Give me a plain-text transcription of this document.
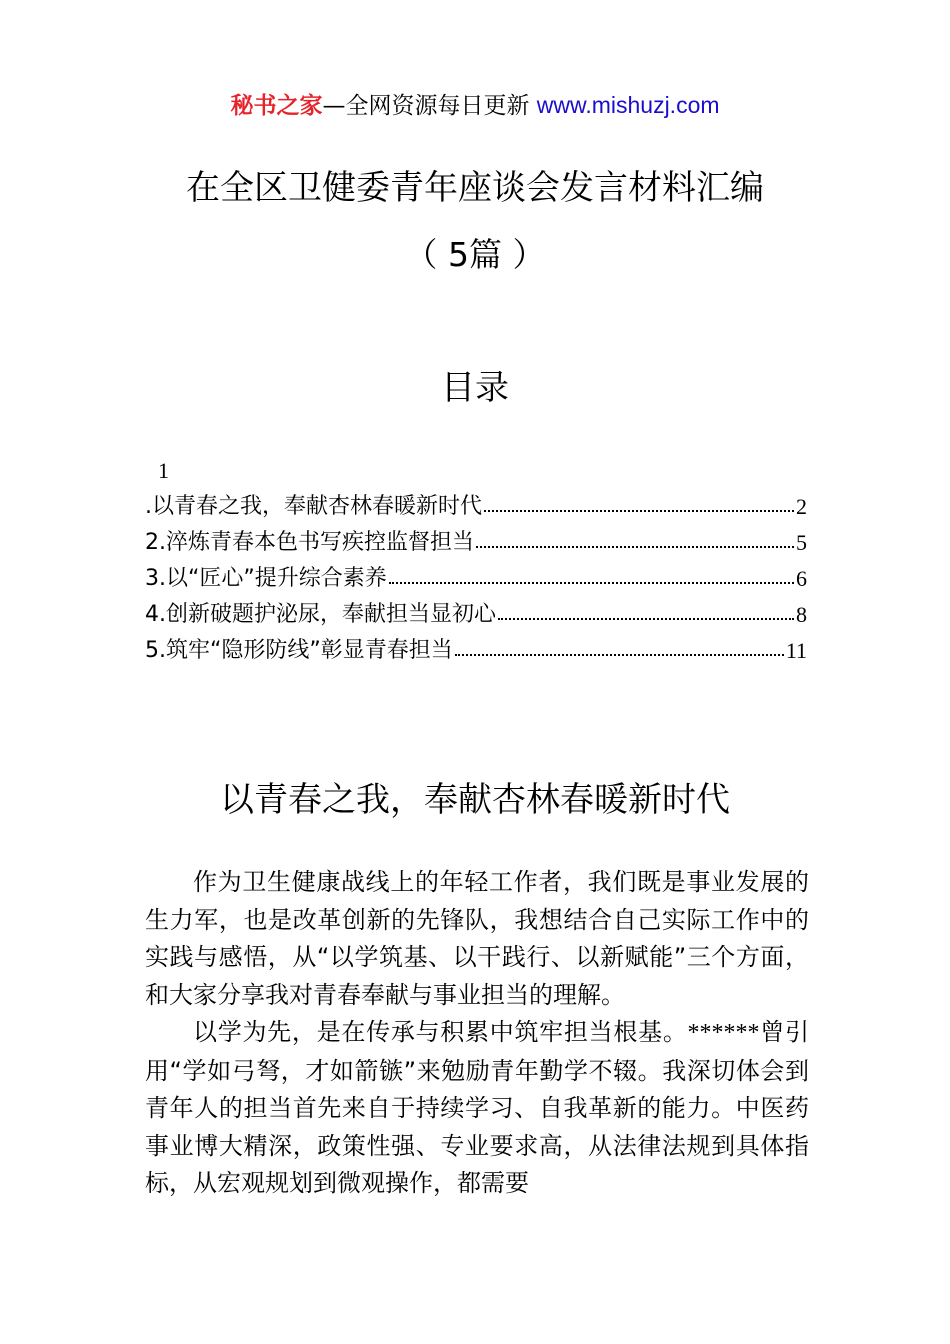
秘书之家—全网资源每日更新 www.mishuzj.com
在全区卫健委青年座谈会发言材料汇编
（ 5篇 ）
目录
1
.以青春之我，奉献杏林春暖新时代	2
2.淬炼青春本色书写疾控监督担当	5
3.以“匠心”提升综合素养	6
4.创新破题护泌尿，奉献担当显初心	8
5.筑牢“隐形防线”彰显青春担当	11
以青春之我，奉献杏林春暖新时代

作为卫生健康战线上的年轻工作者，我们既是事业发展的生力军，也是改革创新的先锋队，我想结合自己实际工作中的实践与感悟，从“以学筑基、以干践行、以新赋能”三个方面，和大家分享我对青春奉献与事业担当的理解。

以学为先，是在传承与积累中筑牢担当根基。******曾引用“学如弓弩，才如箭镞”来勉励青年勤学不辍。我深切体会到青年人的担当首先来自于持续学习、自我革新的能力。中医药事业博大精深，政策性强、专业要求高，从法律法规到具体指标，从宏观规划到微观操作，都需要
